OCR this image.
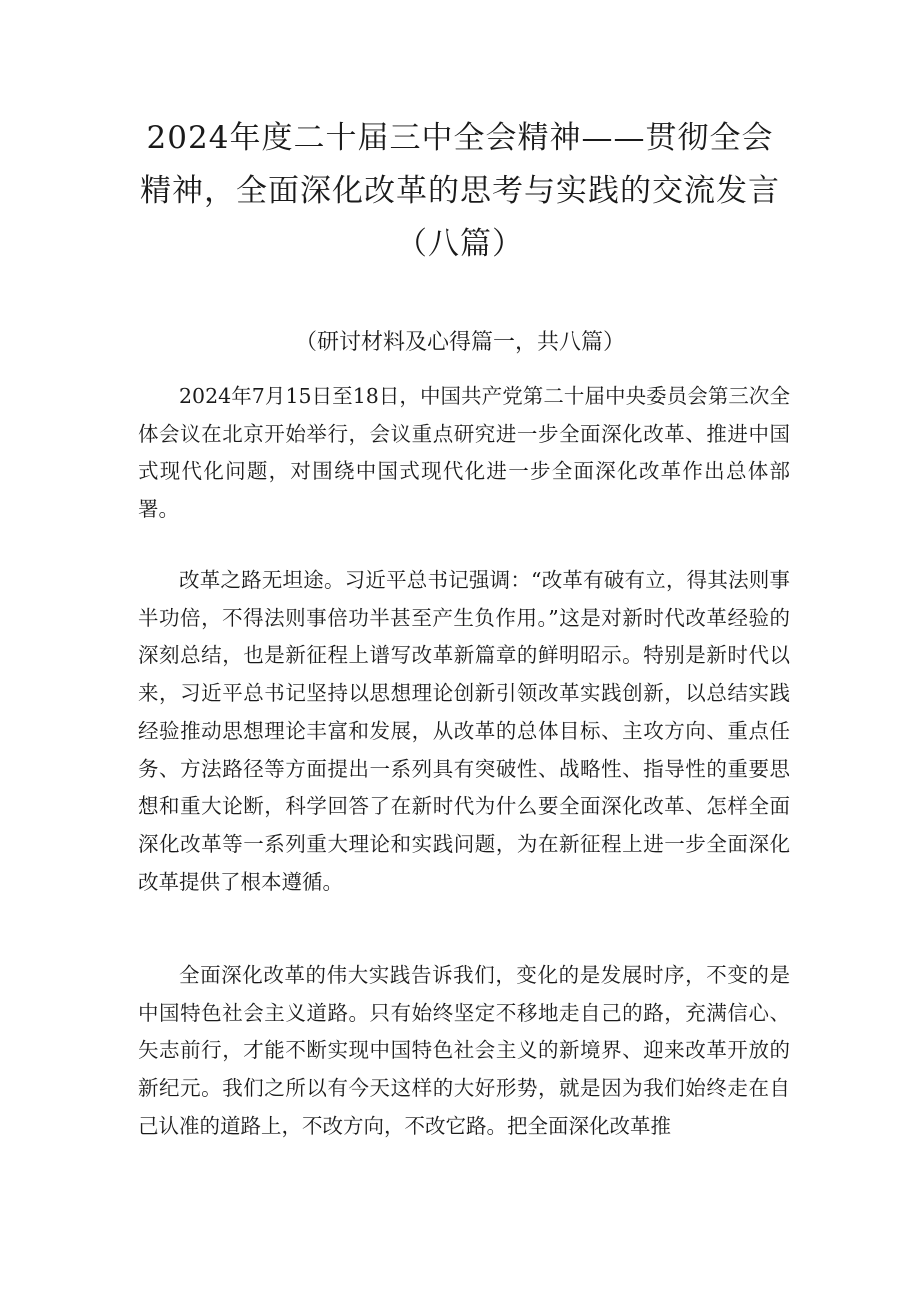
2024年度二十届三中全会精神——贯彻全会精神，全面深化改革的思考与实践的交流发言（八篇）
（研讨材料及心得篇一，共八篇）

2024年7月15日至18日，中国共产党第二十届中央委员会第三次全体会议在北京开始举行，会议重点研究进一步全面深化改革、推进中国式现代化问题，对围绕中国式现代化进一步全面深化改革作出总体部署。

改革之路无坦途。习近平总书记强调：“改革有破有立，得其法则事半功倍，不得法则事倍功半甚至产生负作用。”这是对新时代改革经验的深刻总结，也是新征程上谱写改革新篇章的鲜明昭示。特别是新时代以来，习近平总书记坚持以思想理论创新引领改革实践创新，以总结实践经验推动思想理论丰富和发展，从改革的总体目标、主攻方向、重点任务、方法路径等方面提出一系列具有突破性、战略性、指导性的重要思想和重大论断，科学回答了在新时代为什么要全面深化改革、怎样全面深化改革等一系列重大理论和实践问题，为在新征程上进一步全面深化改革提供了根本遵循。

全面深化改革的伟大实践告诉我们，变化的是发展时序，不变的是中国特色社会主义道路。只有始终坚定不移地走自己的路，充满信心、矢志前行，才能不断实现中国特色社会主义的新境界、迎来改革开放的新纪元。我们之所以有今天这样的大好形势，就是因为我们始终走在自己认准的道路上，不改方向，不改它路。把全面深化改革推
